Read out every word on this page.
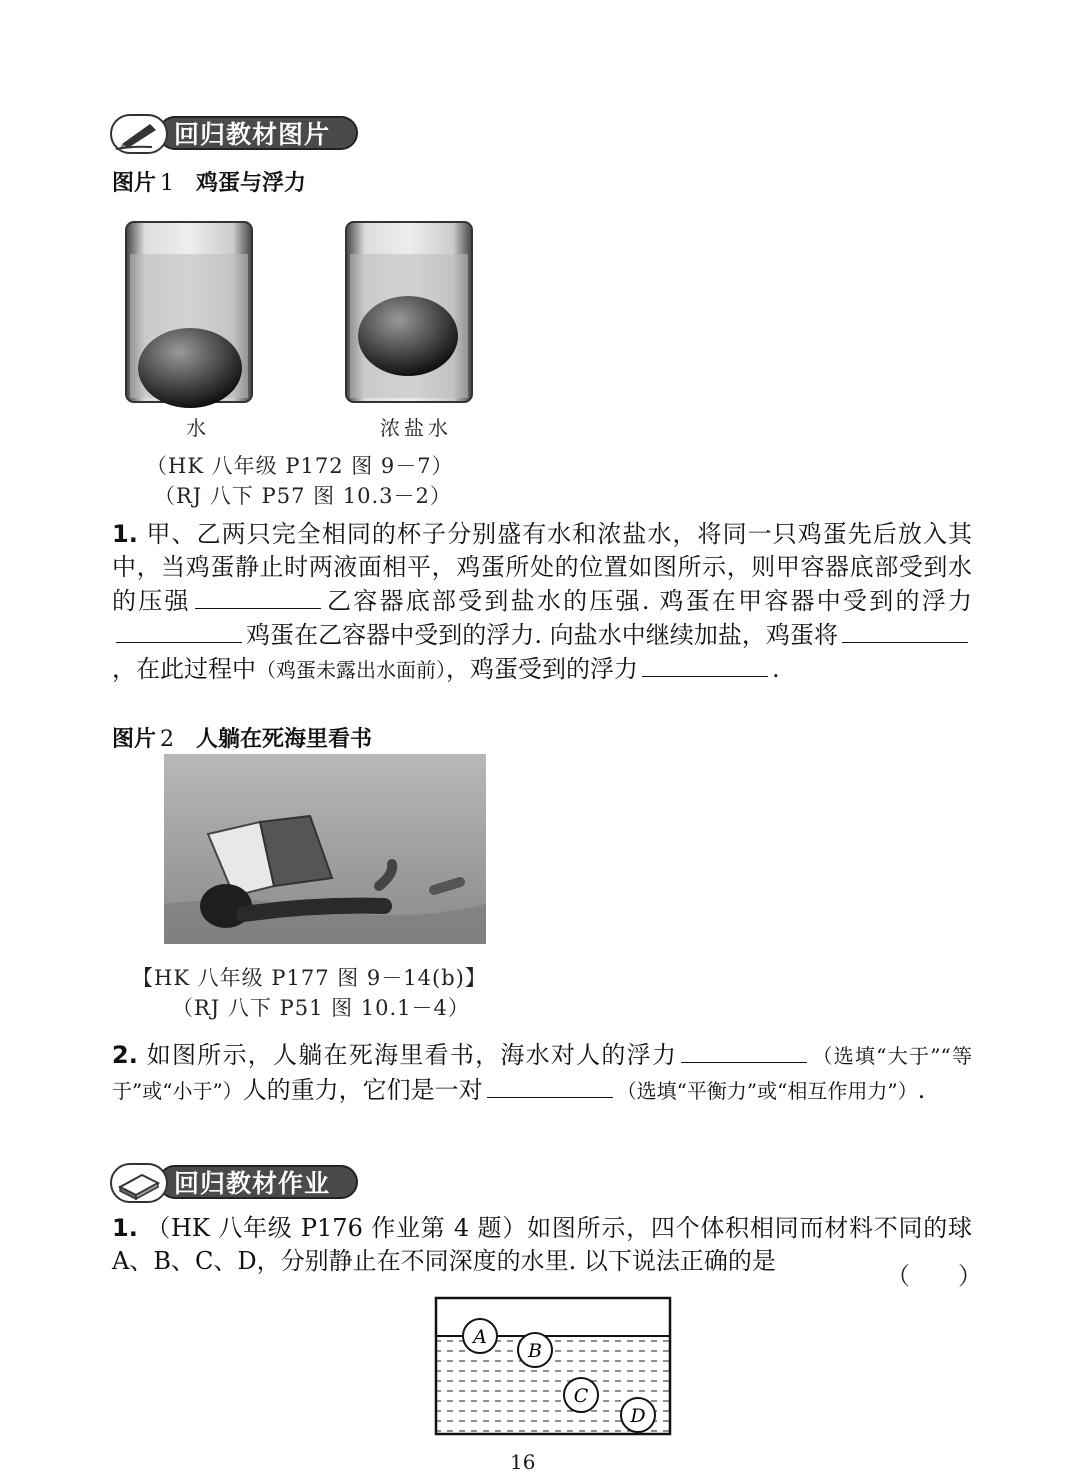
回归教材图片
图片 1 鸡蛋与浮力
水	浓盐水
（HK 八年级 P172 图 9－7）
（RJ 八下 P57 图 10.3－2）
1. 甲、乙两只完全相同的杯子分别盛有水和浓盐水，将同一只鸡蛋先后放入其中，当鸡蛋静止时两液面相平，鸡蛋所处的位置如图所示，则甲容器底部受到水的压强	乙容器底部受到盐水的压强. 鸡蛋在甲容器中受到的浮力鸡蛋在乙容器中受到的浮力. 向盐水中继续加盐，鸡蛋将，在此过程中（鸡蛋未露出水面前），鸡蛋受到的浮力	.
图片 2 人躺在死海里看书
【HK 八年级 P177 图 9－14(b)】
（RJ 八下 P51 图 10.1－4）
2. 如图所示，人躺在死海里看书，海水对人的浮力	（选填“大于”“等于”或“小于”）人的重力，它们是一对	（选填“平衡力”或“相互作用力”）.
回归教材作业
1. （HK 八年级 P176 作业第 4 题）如图所示，四个体积相同而材料不同的球 A、B、C、D，分别静止在不同深度的水里. 以下说法正确的是
（　　）
A
B
C
D
16
